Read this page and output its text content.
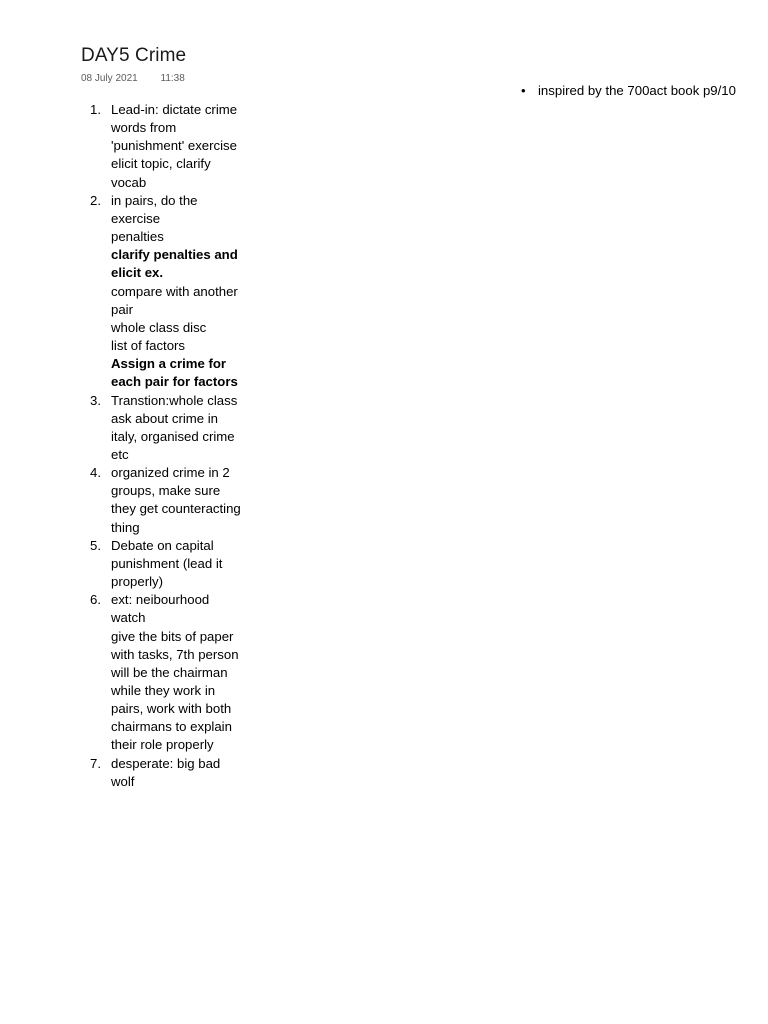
DAY5 Crime
08 July 2021 11:38
1. Lead-in: dictate crime
words from
'punishment' exercise
elicit topic, clarify
vocab
2. in pairs, do the
exercise
penalties
clarify penalties and
elicit ex.
compare with another
pair
whole class disc
list of factors
Assign a crime for
each pair for factors
3. Transtion:whole class
ask about crime in
italy, organised crime
etc
4. organized crime in 2
groups, make sure
they get counteracting
thing
5. Debate on capital
punishment (lead it
properly)
6. ext: neibourhood
watch
give the bits of paper
with tasks, 7th person
will be the chairman
while they work in
pairs, work with both
chairmans to explain
their role properly
7. desperate: big bad
wolf
• inspired by the 700act book p9/10
